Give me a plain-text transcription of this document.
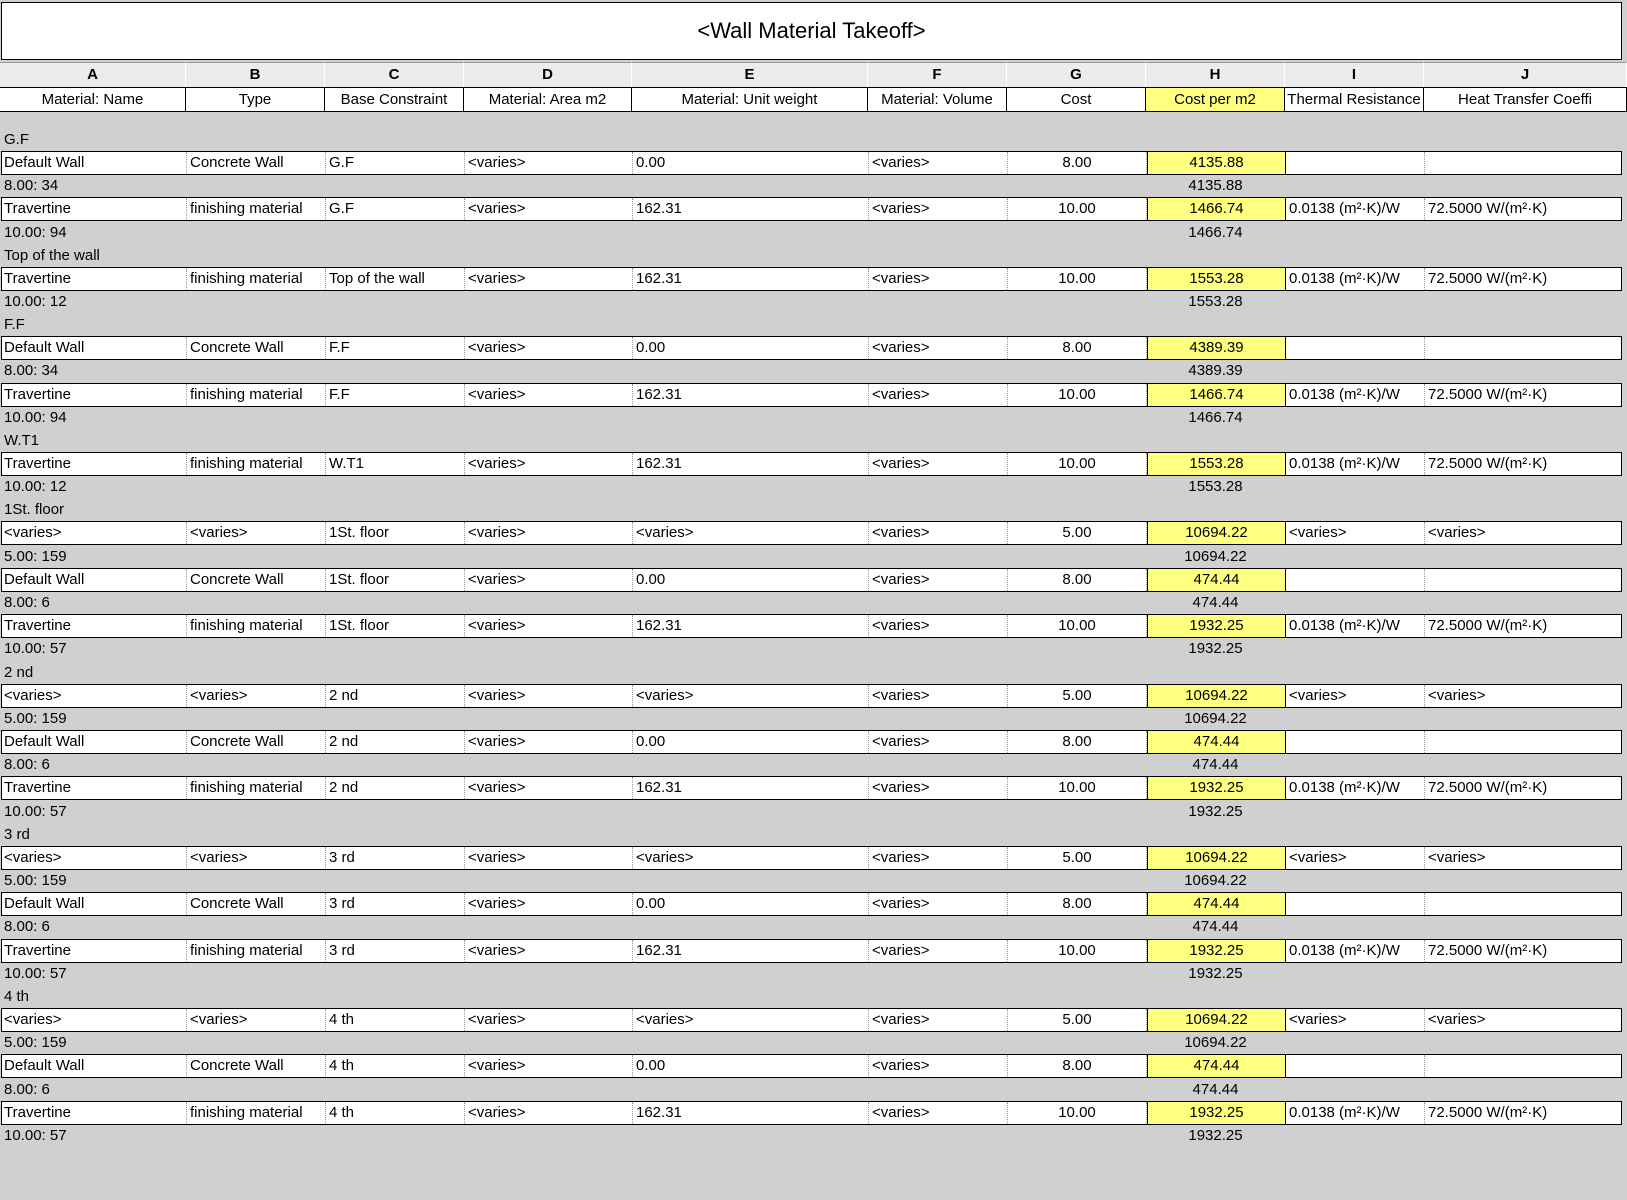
<Wall Material Takeoff>
A	B	C	D	E	F	G	H	I	J
Material: Name	Type	Base Constraint	Material: Area m2	Material: Unit weight	Material: Volume	Cost	Cost per m2	Thermal Resistance	Heat Transfer Coeffi
G.F
Default Wall	Concrete Wall	G.F	<varies>	0.00	<varies>	8.00	4135.88
8.00: 34	4135.88
Travertine	finishing material	G.F	<varies>	162.31	<varies>	10.00	1466.74	0.0138 (m²·K)/W	72.5000 W/(m²·K)
10.00: 94	1466.74
Top of the wall
Travertine	finishing material	Top of the wall	<varies>	162.31	<varies>	10.00	1553.28	0.0138 (m²·K)/W	72.5000 W/(m²·K)
10.00: 12	1553.28
F.F
Default Wall	Concrete Wall	F.F	<varies>	0.00	<varies>	8.00	4389.39
8.00: 34	4389.39
Travertine	finishing material	F.F	<varies>	162.31	<varies>	10.00	1466.74	0.0138 (m²·K)/W	72.5000 W/(m²·K)
10.00: 94	1466.74
W.T1
Travertine	finishing material	W.T1	<varies>	162.31	<varies>	10.00	1553.28	0.0138 (m²·K)/W	72.5000 W/(m²·K)
10.00: 12	1553.28
1St. floor
<varies>	<varies>	1St. floor	<varies>	<varies>	<varies>	5.00	10694.22	<varies>	<varies>
5.00: 159	10694.22
Default Wall	Concrete Wall	1St. floor	<varies>	0.00	<varies>	8.00	474.44
8.00: 6	474.44
Travertine	finishing material	1St. floor	<varies>	162.31	<varies>	10.00	1932.25	0.0138 (m²·K)/W	72.5000 W/(m²·K)
10.00: 57	1932.25
2 nd
<varies>	<varies>	2 nd	<varies>	<varies>	<varies>	5.00	10694.22	<varies>	<varies>
5.00: 159	10694.22
Default Wall	Concrete Wall	2 nd	<varies>	0.00	<varies>	8.00	474.44
8.00: 6	474.44
Travertine	finishing material	2 nd	<varies>	162.31	<varies>	10.00	1932.25	0.0138 (m²·K)/W	72.5000 W/(m²·K)
10.00: 57	1932.25
3 rd
<varies>	<varies>	3 rd	<varies>	<varies>	<varies>	5.00	10694.22	<varies>	<varies>
5.00: 159	10694.22
Default Wall	Concrete Wall	3 rd	<varies>	0.00	<varies>	8.00	474.44
8.00: 6	474.44
Travertine	finishing material	3 rd	<varies>	162.31	<varies>	10.00	1932.25	0.0138 (m²·K)/W	72.5000 W/(m²·K)
10.00: 57	1932.25
4 th
<varies>	<varies>	4 th	<varies>	<varies>	<varies>	5.00	10694.22	<varies>	<varies>
5.00: 159	10694.22
Default Wall	Concrete Wall	4 th	<varies>	0.00	<varies>	8.00	474.44
8.00: 6	474.44
Travertine	finishing material	4 th	<varies>	162.31	<varies>	10.00	1932.25	0.0138 (m²·K)/W	72.5000 W/(m²·K)
10.00: 57	1932.25
